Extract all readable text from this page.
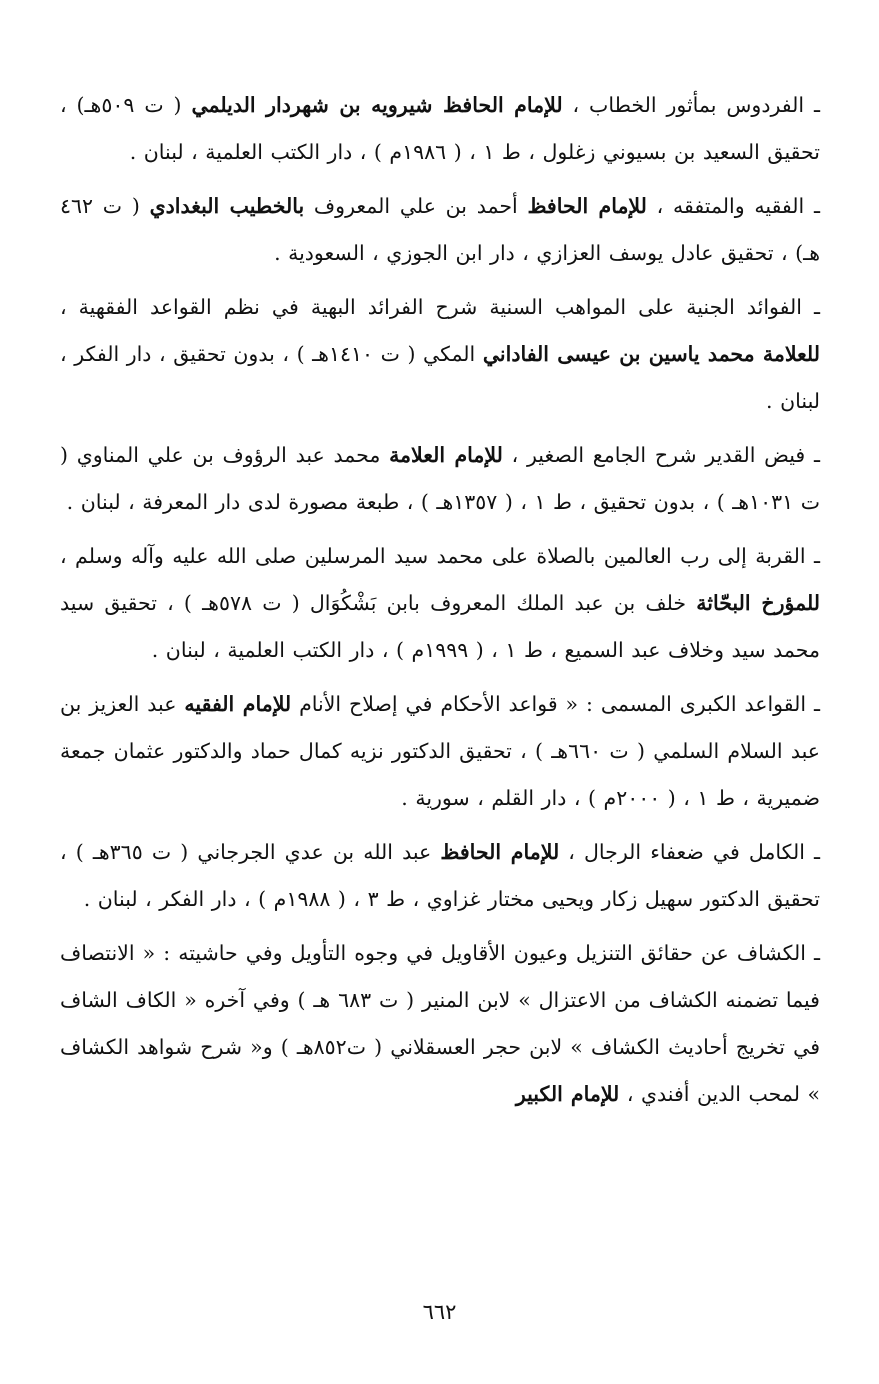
ـ الفردوس بمأثور الخطاب ، للإمام الحافظ شيرويه بن شهردار الديلمي ( ت ٥٠٩هـ) ، تحقيق السعيد بن بسيوني زغلول ، ط ١ ، ( ١٩٨٦م ) ، دار الكتب العلمية ، لبنان .

ـ الفقيه والمتفقه ، للإمام الحافظ أحمد بن علي المعروف بالخطيب البغدادي ( ت ٤٦٢ هـ) ، تحقيق عادل يوسف العزازي ، دار ابن الجوزي ، السعودية .

ـ الفوائد الجنية على المواهب السنية شرح الفرائد البهية في نظم القواعد الفقهية ، للعلامة محمد ياسين بن عيسى الفاداني المكي ( ت ١٤١٠هـ ) ، بدون تحقيق ، دار الفكر ، لبنان .

ـ فيض القدير شرح الجامع الصغير ، للإمام العلامة محمد عبد الرؤوف بن علي المناوي ( ت ١٠٣١هـ ) ، بدون تحقيق ، ط ١ ، ( ١٣٥٧هـ ) ، طبعة مصورة لدى دار المعرفة ، لبنان .

ـ القربة إلى رب العالمين بالصلاة على محمد سيد المرسلين صلى الله عليه وآله وسلم ، للمؤرخ البحّاثة خلف بن عبد الملك المعروف بابن بَشْكُوَال ( ت ٥٧٨هـ ) ، تحقيق سيد محمد سيد وخلاف عبد السميع ، ط ١ ، ( ١٩٩٩م ) ، دار الكتب العلمية ، لبنان .

ـ القواعد الكبرى المسمى : « قواعد الأحكام في إصلاح الأنام للإمام الفقيه عبد العزيز بن عبد السلام السلمي ( ت ٦٦٠هـ ) ، تحقيق الدكتور نزيه كمال حماد والدكتور عثمان جمعة ضميرية ، ط ١ ، ( ٢٠٠٠م ) ، دار القلم ، سورية .

ـ الكامل في ضعفاء الرجال ، للإمام الحافظ عبد الله بن عدي الجرجاني ( ت ٣٦٥هـ ) ، تحقيق الدكتور سهيل زكار ويحيى مختار غزاوي ، ط ٣ ، ( ١٩٨٨م ) ، دار الفكر ، لبنان .

ـ الكشاف عن حقائق التنزيل وعيون الأقاويل في وجوه التأويل وفي حاشيته : « الانتصاف فيما تضمنه الكشاف من الاعتزال » لابن المنير ( ت ٦٨٣ هـ ) وفي آخره « الكاف الشاف في تخريج أحاديث الكشاف » لابن حجر العسقلاني ( ت٨٥٢هـ ) و« شرح شواهد الكشاف » لمحب الدين أفندي ، للإمام الكبير

٦٦٢
